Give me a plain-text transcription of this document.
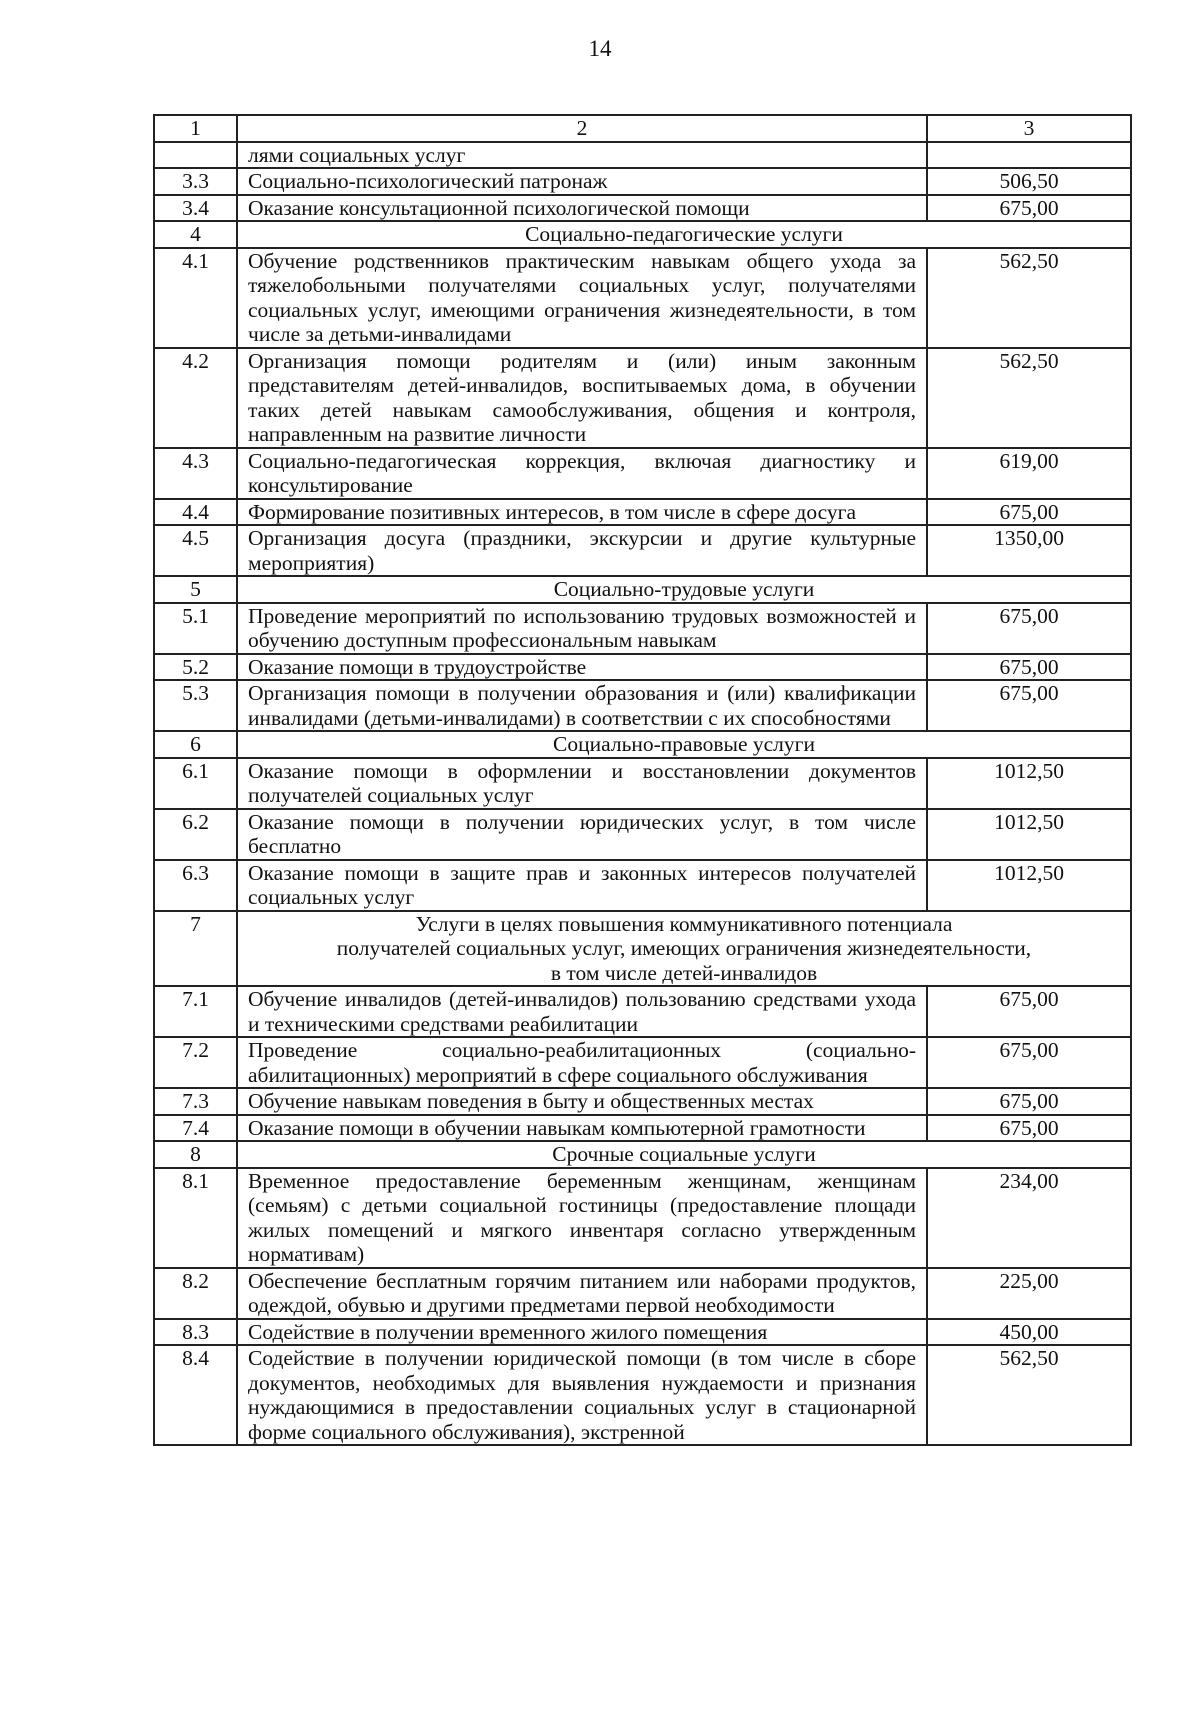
14
1	2	3
	лями социальных услуг	
3.3	Социально-психологический патронаж	506,50
3.4	Оказание консультационной психологической помощи	675,00
4	Социально-педагогические услуги	
4.1	Обучение родственников практическим навыкам общего ухода за тяжелобольными получателями социальных услуг, получателями социальных услуг, имеющими ограничения жизнедеятельности, в том числе за детьми-инвалидами	562,50
4.2	Организация помощи родителям и (или) иным законным представителям детей-инвалидов, воспитываемых дома, в обучении таких детей навыкам самообслуживания, общения и контроля, направленным на развитие личности	562,50
4.3	Социально-педагогическая коррекция, включая диагностику и консультирование	619,00
4.4	Формирование позитивных интересов, в том числе в сфере досуга	675,00
4.5	Организация досуга (праздники, экскурсии и другие культурные мероприятия)	1350,00
5	Социально-трудовые услуги	
5.1	Проведение мероприятий по использованию трудовых возможностей и обучению доступным профессиональным навыкам	675,00
5.2	Оказание помощи в трудоустройстве	675,00
5.3	Организация помощи в получении образования и (или) квалификации инвалидами (детьми-инвалидами) в соответствии с их способностями	675,00
6	Социально-правовые услуги	
6.1	Оказание помощи в оформлении и восстановлении документов получателей социальных услуг	1012,50
6.2	Оказание помощи в получении юридических услуг, в том числе бесплатно	1012,50
6.3	Оказание помощи в защите прав и законных интересов получателей социальных услуг	1012,50
7	Услуги в целях повышения коммуникативного потенциала
получателей социальных услуг, имеющих ограничения жизнедеятельности,
в том числе детей-инвалидов	

7.1	Обучение инвалидов (детей-инвалидов) пользованию средствами ухода и техническими средствами реабилитации	675,00
7.2	Проведение социально-реабилитационных (социально-абилитационных) мероприятий в сфере социального обслуживания	675,00
7.3	Обучение навыкам поведения в быту и общественных местах	675,00
7.4	Оказание помощи в обучении навыкам компьютерной грамотности	675,00
8	Срочные социальные услуги	
8.1	Временное предоставление беременным женщинам, женщинам (семьям) с детьми социальной гостиницы (предоставление площади жилых помещений и мягкого инвентаря согласно утвержденным нормативам)	234,00
8.2	Обеспечение бесплатным горячим питанием или наборами продуктов, одеждой, обувью и другими предметами первой необходимости	225,00
8.3	Содействие в получении временного жилого помещения	450,00
8.4	Содействие в получении юридической помощи (в том числе в сборе документов, необходимых для выявления нуждаемости и признания нуждающимися в предоставлении социальных услуг в стационарной форме социального обслуживания), экстренной	562,50
